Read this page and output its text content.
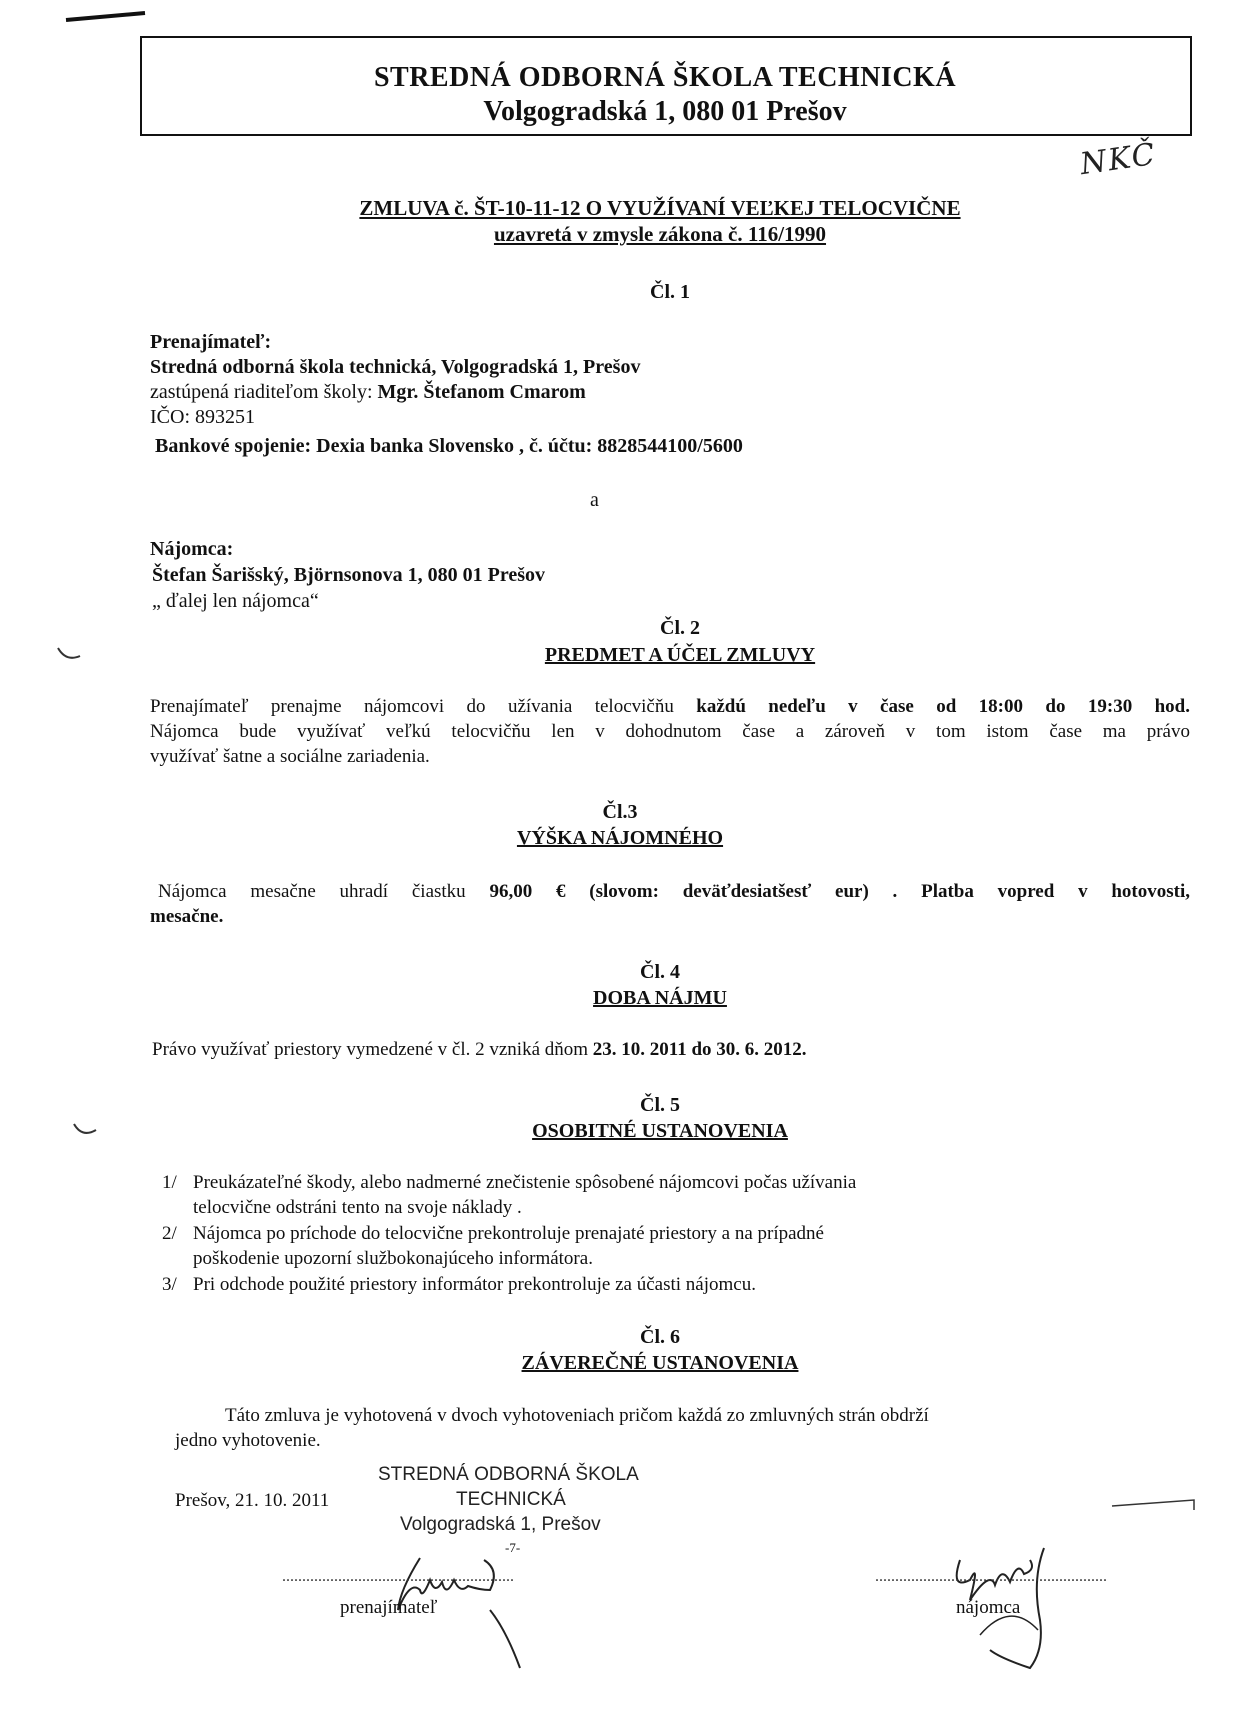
STREDNÁ ODBORNÁ ŠKOLA TECHNICKÁ
Volgogradská 1, 080 01 Prešov
NKČ
ZMLUVA č. ŠT-10-11-12 O VYUŽÍVANÍ VEĽKEJ TELOCVIČNE
uzavretá v zmysle zákona č. 116/1990
Čl. 1
Prenajímateľ:
Stredná odborná škola technická, Volgogradská 1, Prešov
zastúpená riaditeľom školy: Mgr. Štefanom Cmarom
IČO: 893251
Bankové spojenie: Dexia banka Slovensko , č. účtu: 8828544100/5600
a
Nájomca:
Štefan Šarišský, Björnsonova 1, 080 01 Prešov
„ ďalej len nájomca“
Čl. 2
PREDMET A ÚČEL ZMLUVY
Prenajímateľ prenajme nájomcovi do užívania telocvičňu každú nedeľu v čase od 18:00 do 19:30 hod.
Nájomca bude využívať veľkú telocvičňu len v dohodnutom čase a zároveň v tom istom čase ma právo
využívať šatne a sociálne zariadenia.
Čl.3
VÝŠKA NÁJOMNÉHO
Nájomca mesačne uhradí čiastku 96,00 € (slovom: deväťdesiatšesť eur) . Platba vopred v hotovosti,
mesačne.
Čl. 4
DOBA NÁJMU
Právo využívať priestory vymedzené v čl. 2 vzniká dňom 23. 10. 2011 do 30. 6. 2012.
Čl. 5
OSOBITNÉ USTANOVENIA
1/ Preukázateľné škody, alebo nadmerné znečistenie spôsobené nájomcovi počas užívania
telocvične odstráni tento na svoje náklady .
2/ Nájomca po príchode do telocvične prekontroluje prenajaté priestory a na prípadné
poškodenie upozorní službokonajúceho informátora.
3/ Pri odchode použité priestory informátor prekontroluje za účasti nájomcu.
Čl. 6
ZÁVEREČNÉ USTANOVENIA
Táto zmluva je vyhotovená v dvoch vyhotoveniach pričom každá zo zmluvných strán obdrží
jedno vyhotovenie.
Prešov, 21. 10. 2011
STREDNÁ ODBORNÁ ŠKOLA
TECHNICKÁ
Volgogradská 1, Prešov
-7-
..........................................................
prenajímateľ
..........................................................
nájomca
